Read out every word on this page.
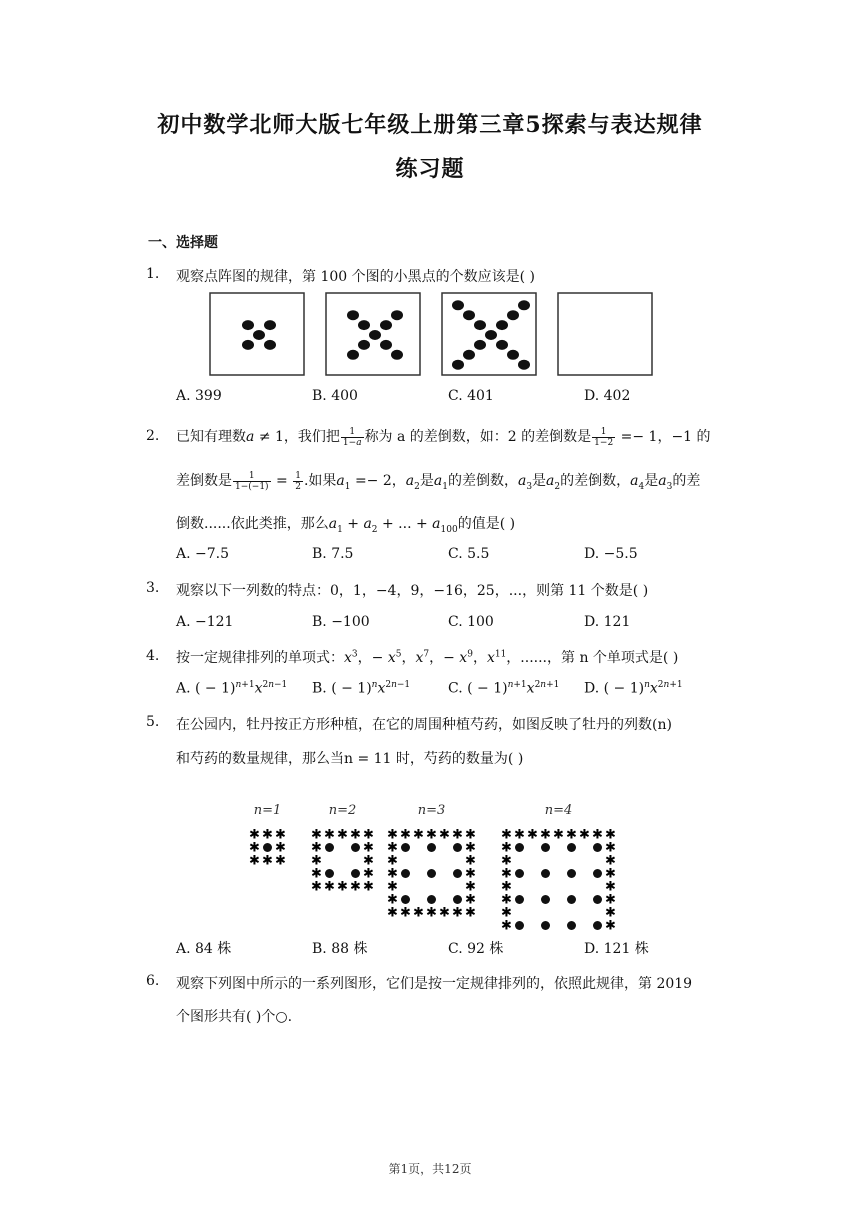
初中数学北师大版七年级上册第三章5探索与表达规律
练习题
一、选择题
1. 观察点阵图的规律，第 100 个图的小黑点的个数应该是( )
A. 399	B. 400	C. 401	D. 402
2. 已知有理数a ≠ 1，我们把 $\frac{1}{1-a}$ 称为 a 的差倒数，如：2 的差倒数是 $\frac{1}{1-2} =- 1$，−1 的
差倒数是 $\frac{1}{1-(-1)} = \frac{1}{2}$ .如果$a_1 =- 2$，$a_2$是$a_1$的差倒数，$a_3$是$a_2$的差倒数，$a_4$是$a_3$的差
倒数......依此类推，那么$a_1 + a_2$ + ... + $a_{100}$的值是( )
A. −7.5	B. 7.5	C. 5.5	D. −5.5
3. 观察以下一列数的特点：0，1，−4，9，−16，25，...，则第 11 个数是( )
A. −121	B. −100	C. 100	D. 121
4. 按一定规律排列的单项式：$x^3$，− $x^5$，$x^7$，− $x^9$，$x^{11}$，......，第 n 个单项式是( )
A. ( − $1)^{n+1}x^{2n-1}$ B. ( − $1)^nx^{2n-1}$	C. ( − $1)^{n+1}x^{2n+1}$ D. ( − $1)^nx^{2n+1}$
5. 在公园内，牡丹按正方形种植，在它的周围种植芍药，如图反映了牡丹的列数(n)
和芍药的数量规律，那么当n = 11 时，芍药的数量为( )
n=1
✱ ✱ ✱
✱ ✱
✱ ✱ ✱
n=2
✱ ✱ ✱ ✱ ✱
✱	✱
✱	✱
✱	✱
✱ ✱ ✱ ✱ ✱
n=3
✱ ✱ ✱ ✱ ✱ ✱ ✱
✱	✱
✱	✱
✱	✱
✱	✱
✱	✱
✱ ✱ ✱ ✱ ✱ ✱ ✱
n=4
✱ ✱ ✱ ✱ ✱ ✱ ✱ ✱ ✱
✱	✱
✱	✱
✱	✱
✱	✱
✱	✱
✱	✱
✱	✱
A. 84 株	B. 88 株	C. 92 株	D. 121 株
6. 观察下列图中所示的一系列图形，它们是按一定规律排列的，依照此规律，第 2019
个图形共有( )个○.
第1页，共12页
